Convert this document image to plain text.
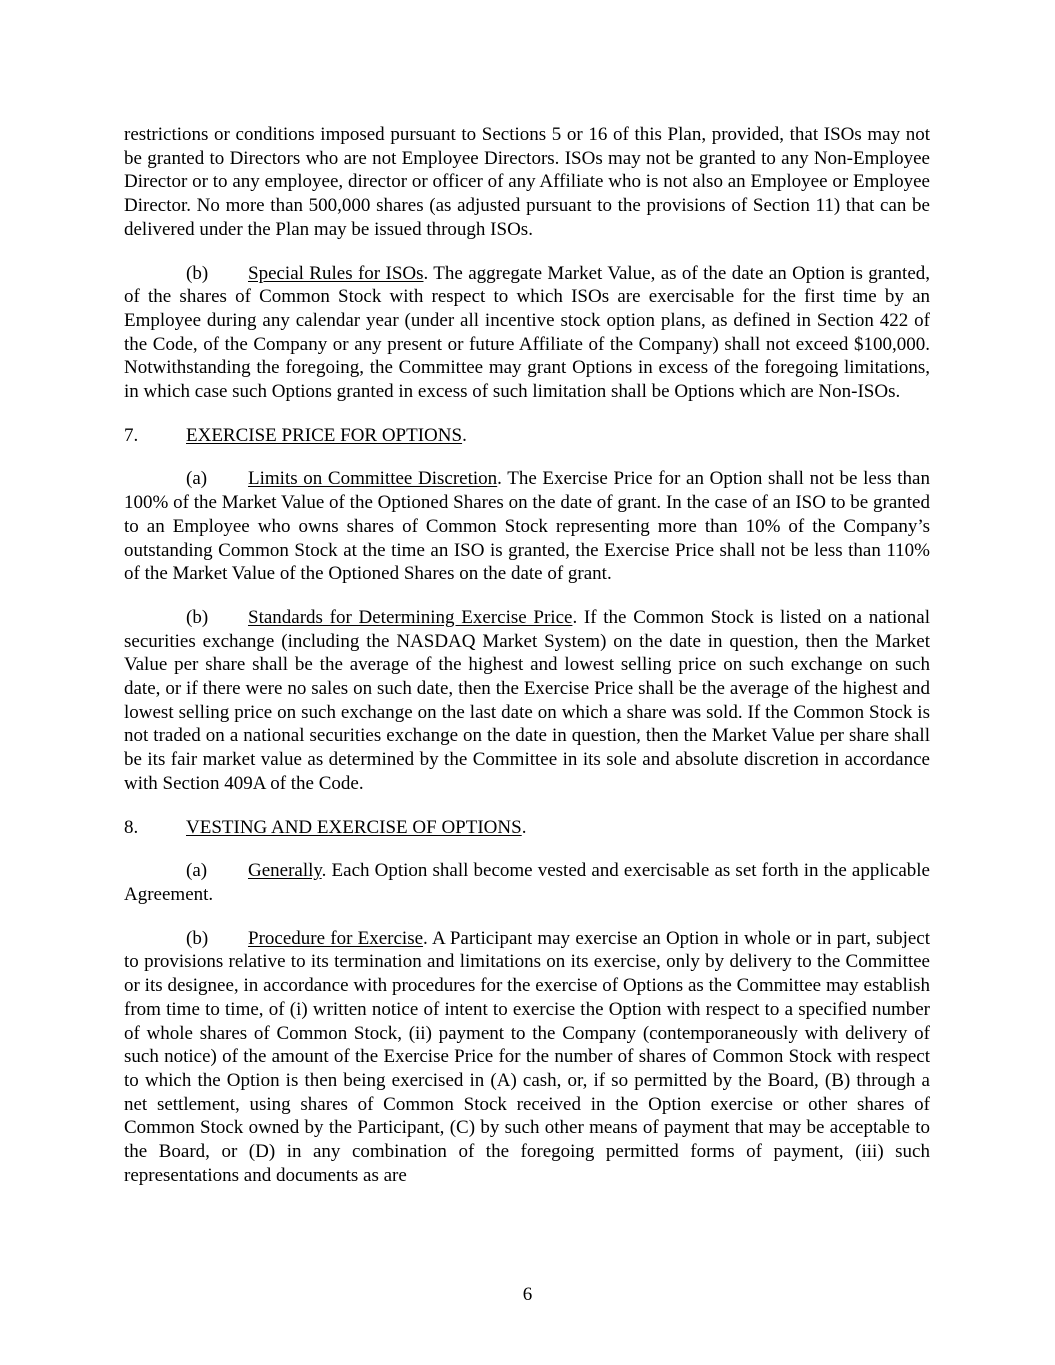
restrictions or conditions imposed pursuant to Sections 5 or 16 of this Plan, provided, that ISOs may not be granted to Directors who are not Employee Directors. ISOs may not be granted to any Non-Employee Director or to any employee, director or officer of any Affiliate who is not also an Employee or Employee Director. No more than 500,000 shares (as adjusted pursuant to the provisions of Section 11) that can be delivered under the Plan may be issued through ISOs.

(b) Special Rules for ISOs. The aggregate Market Value, as of the date an Option is granted, of the shares of Common Stock with respect to which ISOs are exercisable for the first time by an Employee during any calendar year (under all incentive stock option plans, as defined in Section 422 of the Code, of the Company or any present or future Affiliate of the Company) shall not exceed $100,000. Notwithstanding the foregoing, the Committee may grant Options in excess of the foregoing limitations, in which case such Options granted in excess of such limitation shall be Options which are Non-ISOs.

7.	EXERCISE PRICE FOR OPTIONS.

(a) Limits on Committee Discretion. The Exercise Price for an Option shall not be less than 100% of the Market Value of the Optioned Shares on the date of grant. In the case of an ISO to be granted to an Employee who owns shares of Common Stock representing more than 10% of the Company’s outstanding Common Stock at the time an ISO is granted, the Exercise Price shall not be less than 110% of the Market Value of the Optioned Shares on the date of grant.

(b) Standards for Determining Exercise Price. If the Common Stock is listed on a national securities exchange (including the NASDAQ Market System) on the date in question, then the Market Value per share shall be the average of the highest and lowest selling price on such exchange on such date, or if there were no sales on such date, then the Exercise Price shall be the average of the highest and lowest selling price on such exchange on the last date on which a share was sold. If the Common Stock is not traded on a national securities exchange on the date in question, then the Market Value per share shall be its fair market value as determined by the Committee in its sole and absolute discretion in accordance with Section 409A of the Code.

8.	VESTING AND EXERCISE OF OPTIONS.

(a) Generally. Each Option shall become vested and exercisable as set forth in the applicable Agreement.

(b) Procedure for Exercise. A Participant may exercise an Option in whole or in part, subject to provisions relative to its termination and limitations on its exercise, only by delivery to the Committee or its designee, in accordance with procedures for the exercise of Options as the Committee may establish from time to time, of (i) written notice of intent to exercise the Option with respect to a specified number of whole shares of Common Stock, (ii) payment to the Company (contemporaneously with delivery of such notice) of the amount of the Exercise Price for the number of shares of Common Stock with respect to which the Option is then being exercised in (A) cash, or, if so permitted by the Board, (B) through a net settlement, using shares of Common Stock received in the Option exercise or other shares of Common Stock owned by the Participant, (C) by such other means of payment that may be acceptable to the Board, or (D) in any combination of the foregoing permitted forms of payment, (iii) such representations and documents as are

6
